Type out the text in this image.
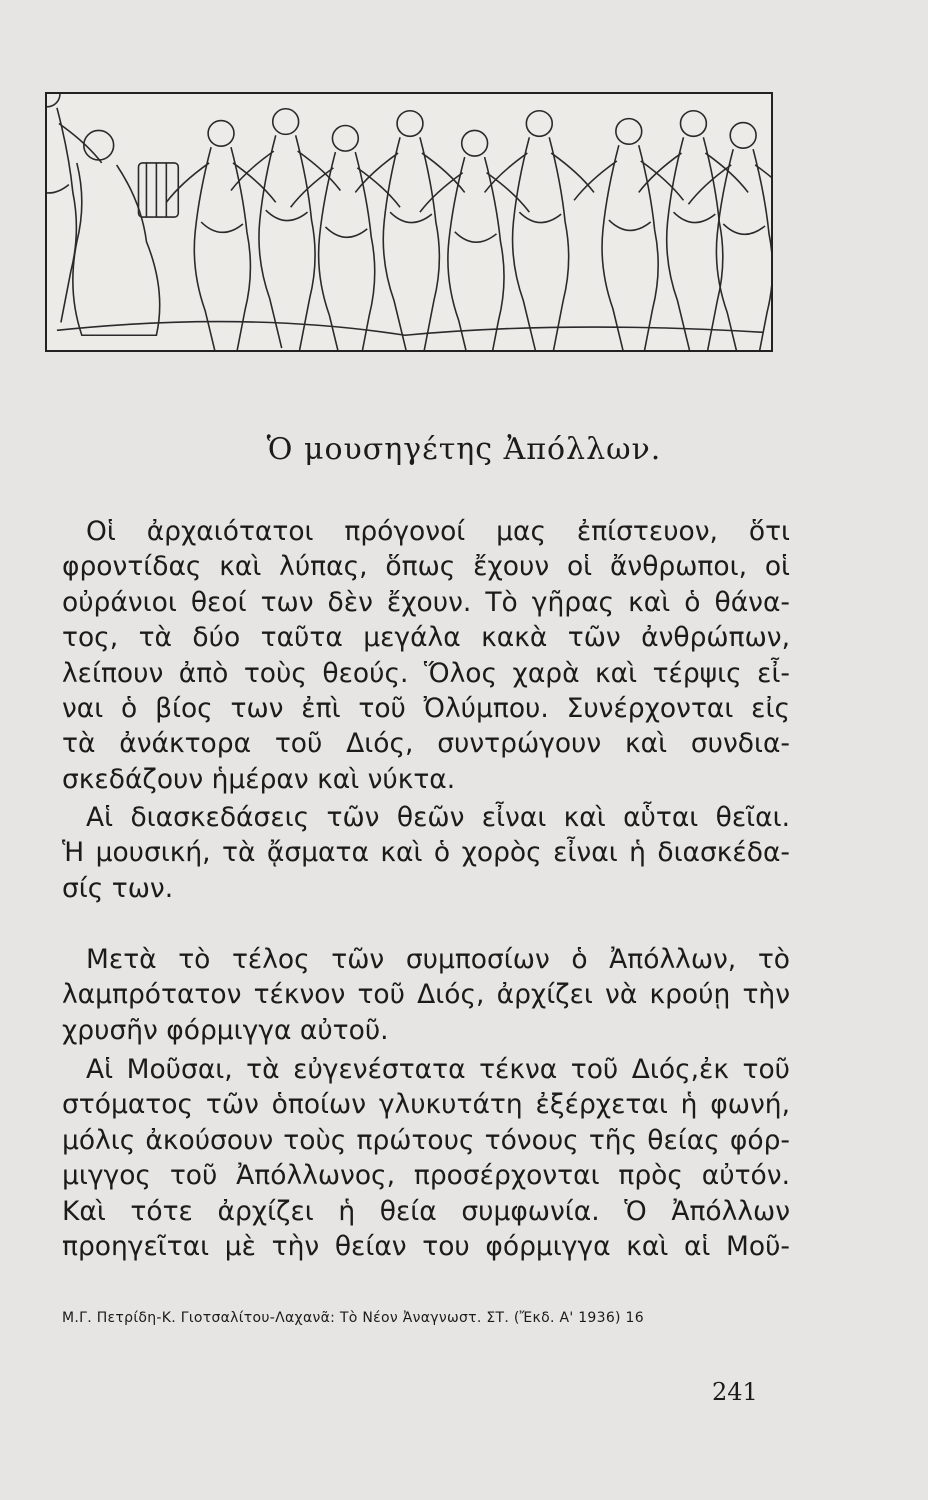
Ὁ μουσηγέτης Ἀπόλλων.
Οἱ ἀρχαιότατοι πρόγονοί μας ἐπίστευον, ὅτι
φροντίδας καὶ λύπας, ὅπως ἔχουν οἱ ἄνθρωποι, οἱ
οὐράνιοι θεοί των δὲν ἔχουν. Τὸ γῆρας καὶ ὁ θάνα-
τος, τὰ δύο ταῦτα μεγάλα κακὰ τῶν ἀνθρώπων,
λείπουν ἀπὸ τοὺς θεούς. Ὅλος χαρὰ καὶ τέρψις εἶ-
ναι ὁ βίος των ἐπὶ τοῦ Ὀλύμπου. Συνέρχονται εἰς
τὰ ἀνάκτορα τοῦ Διός, συντρώγουν καὶ συνδια-
σκεδάζουν ἡμέραν καὶ νύκτα.
Αἱ διασκεδάσεις τῶν θεῶν εἶναι καὶ αὗται θεῖαι.
Ἡ μουσική, τὰ ᾄσματα καὶ ὁ χορὸς εἶναι ἡ διασκέδα-
σίς των.
Μετὰ τὸ τέλος τῶν συμποσίων ὁ Ἀπόλλων, τὸ
λαμπρότατον τέκνον τοῦ Διός, ἀρχίζει νὰ κρούῃ τὴν
χρυσῆν φόρμιγγα αὐτοῦ.
Αἱ Μοῦσαι, τὰ εὐγενέστατα τέκνα τοῦ Διός,ἐκ τοῦ
στόματος τῶν ὁποίων γλυκυτάτη ἐξέρχεται ἡ φωνή,
μόλις ἀκούσουν τοὺς πρώτους τόνους τῆς θείας φόρ-
μιγγος τοῦ Ἀπόλλωνος, προσέρχονται πρὸς αὐτόν.
Καὶ τότε ἀρχίζει ἡ θεία συμφωνία. Ὁ Ἀπόλλων
προηγεῖται μὲ τὴν θείαν του φόρμιγγα καὶ αἱ Μοῦ-
Μ.Γ. Πετρίδη-Κ. Γιοτσαλίτου-Λαχανᾶ: Τὸ Νέον Ἀναγνωστ. ΣΤ. (Ἔκδ. Α' 1936) 16
241
